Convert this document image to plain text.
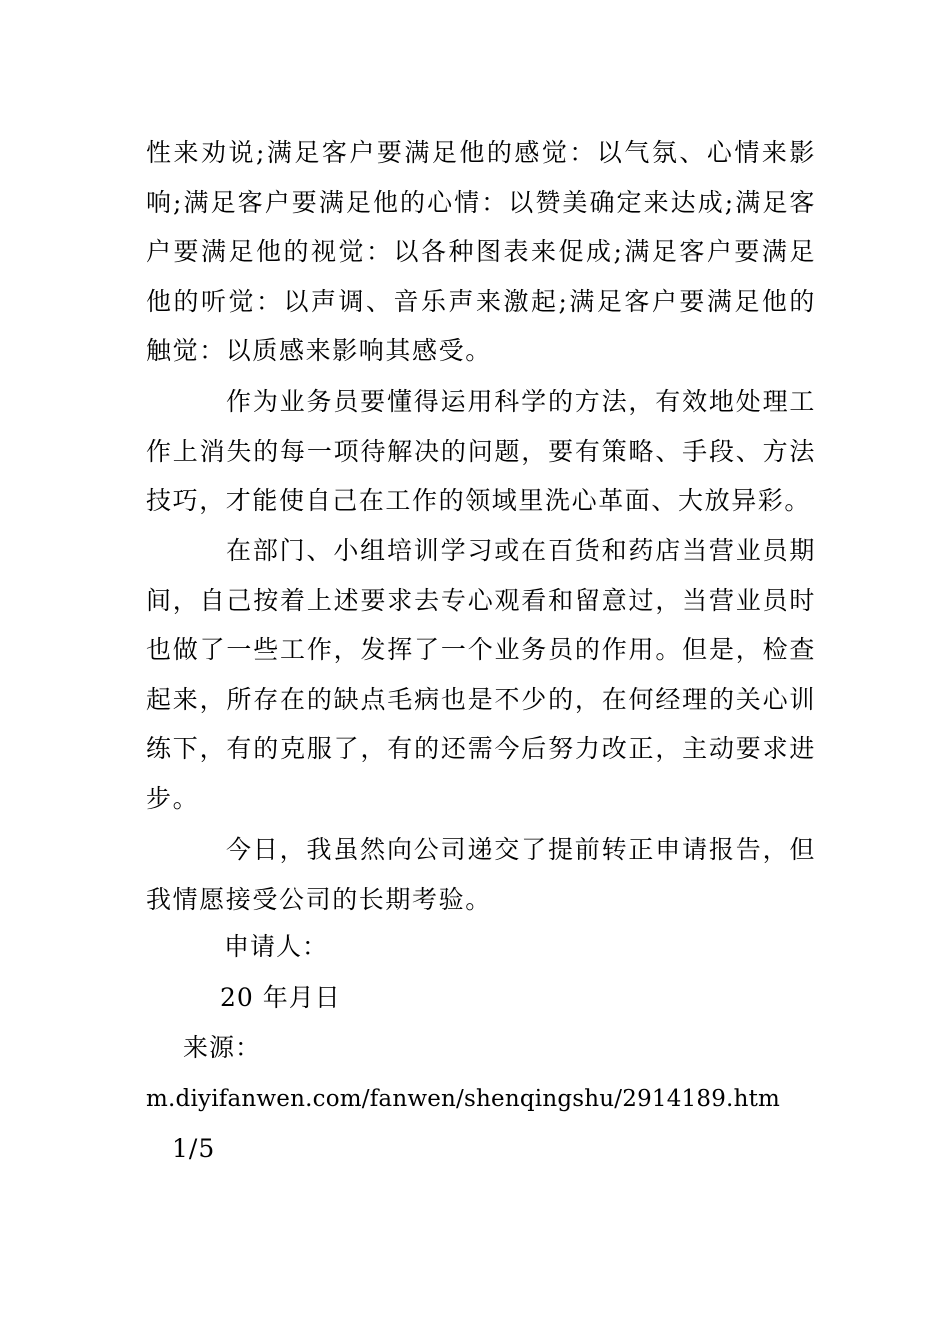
性来劝说;满足客户要满足他的感觉：以气氛、心情来影响;满足客户要满足他的心情：以赞美确定来达成;满足客户要满足他的视觉：以各种图表来促成;满足客户要满足他的听觉：以声调、音乐声来激起;满足客户要满足他的触觉：以质感来影响其感受。

作为业务员要懂得运用科学的方法，有效地处理工作上消失的每一项待解决的问题，要有策略、手段、方法技巧，才能使自己在工作的领域里洗心革面、大放异彩。

在部门、小组培训学习或在百货和药店当营业员期间，自己按着上述要求去专心观看和留意过，当营业员时也做了一些工作，发挥了一个业务员的作用。但是，检查起来，所存在的缺点毛病也是不少的，在何经理的关心训练下，有的克服了，有的还需今后努力改正，主动要求进步。

今日，我虽然向公司递交了提前转正申请报告，但我情愿接受公司的长期考验。

申请人：

20 年月日

来源：

m.diyifanwen.com/fanwen/shenqingshu/2914189.htm

1/5
